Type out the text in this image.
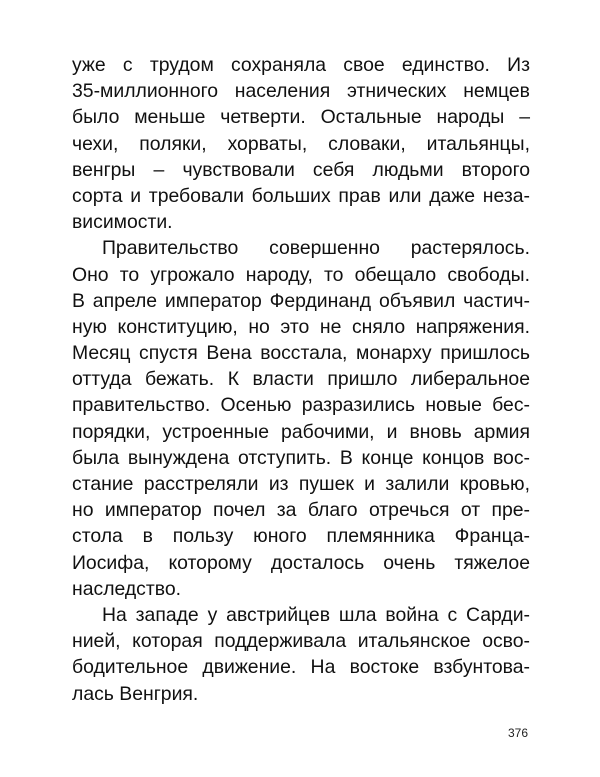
уже с трудом сохраняла свое единство. Из
35-миллионного населения этнических немцев
было меньше четверти. Остальные народы –
чехи, поляки, хорваты, словаки, итальянцы,
венгры – чувствовали себя людьми второго
сорта и требовали больших прав или даже неза-
висимости.
Правительство совершенно растерялось.
Оно то угрожало народу, то обещало свободы.
В апреле император Фердинанд объявил частич-
ную конституцию, но это не сняло напряжения.
Месяц спустя Вена восстала, монарху пришлось
оттуда бежать. К власти пришло либеральное
правительство. Осенью разразились новые бес-
порядки, устроенные рабочими, и вновь армия
была вынуждена отступить. В конце концов вос-
стание расстреляли из пушек и залили кровью,
но император почел за благо отречься от пре-
стола в пользу юного племянника Франца-
Иосифа, которому досталось очень тяжелое
наследство.
На западе у австрийцев шла война с Сарди-
нией, которая поддерживала итальянское осво-
бодительное движение. На востоке взбунтова-
лась Венгрия.
376
